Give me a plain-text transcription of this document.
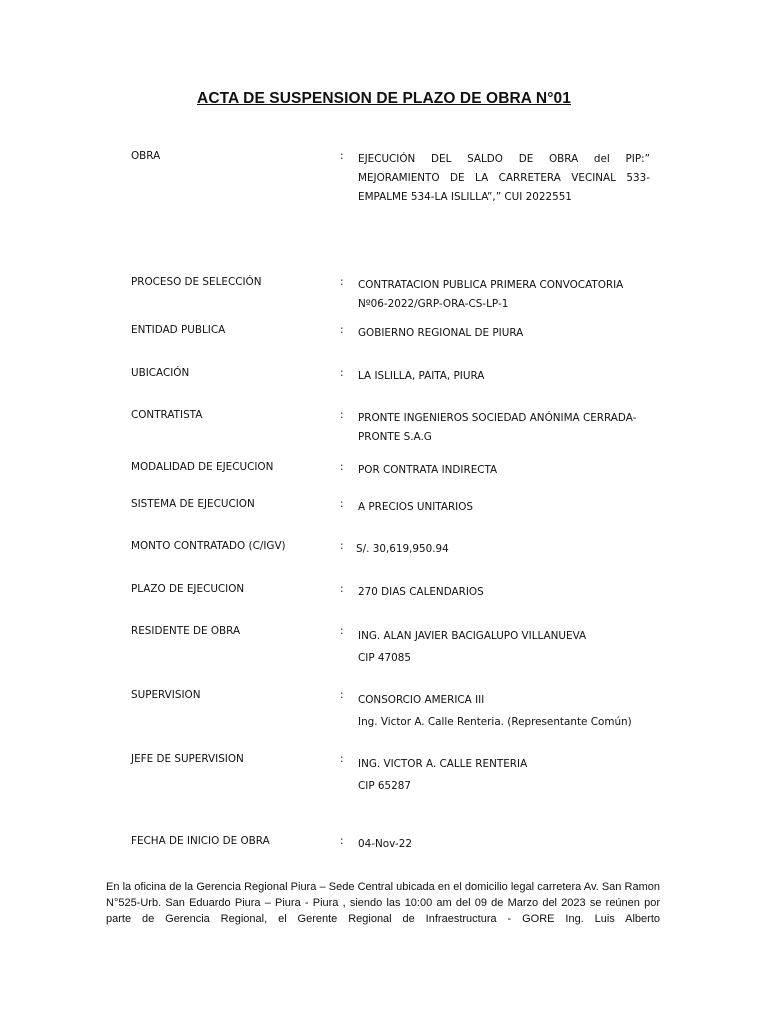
ACTA DE SUSPENSION DE PLAZO DE OBRA N°01
OBRA	: EJECUCIÓN DEL SALDO DE OBRA del PIP:” MEJORAMIENTO DE LA CARRETERA VECINAL 533-EMPALME 534-LA ISLILLA”,” CUI 2022551
PROCESO DE SELECCIÓN	: CONTRATACION PUBLICA PRIMERA CONVOCATORIA
Nº06-2022/GRP-ORA-CS-LP-1
ENTIDAD PUBLICA	: GOBIERNO REGIONAL DE PIURA
UBICACIÓN	: LA ISLILLA, PAITA, PIURA
CONTRATISTA	: PRONTE INGENIEROS SOCIEDAD ANÓNIMA CERRADA-
PRONTE S.A.G
MODALIDAD DE EJECUCION	: POR CONTRATA INDIRECTA
SISTEMA DE EJECUCION	: A PRECIOS UNITARIOS
MONTO CONTRATADO (C/IGV)	: S/. 30,619,950.94
PLAZO DE EJECUCION	: 270 DIAS CALENDARIOS
RESIDENTE DE OBRA	: ING. ALAN JAVIER BACIGALUPO VILLANUEVA
CIP 47085
SUPERVISION	: CONSORCIO AMERICA III
Ing. Victor A. Calle Renteria. (Representante Común)
JEFE DE SUPERVISION	: ING. VICTOR A. CALLE RENTERIA
CIP 65287
FECHA DE INICIO DE OBRA	: 04-Nov-22
En la oficina de la Gerencia Regional Piura – Sede Central ubicada en el domicilio legal carretera Av. San Ramon N°525-Urb. San Eduardo Piura – Piura - Piura , siendo las 10:00 am del 09 de Marzo del 2023 se reúnen por parte de Gerencia Regional, el Gerente Regional de Infraestructura - GORE Ing. Luis Alberto
